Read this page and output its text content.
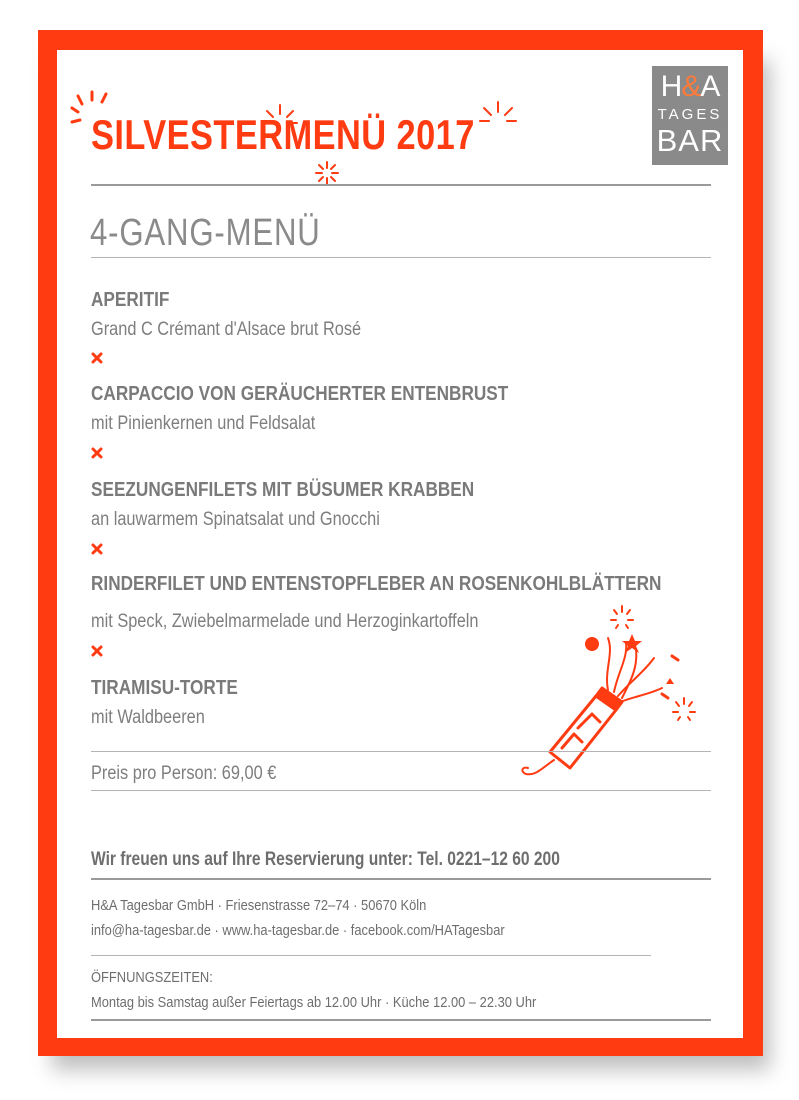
SILVESTERMENÜ 2017
H&A
TAGES
BAR
4-GANG-MENÜ
APERITIF
Grand C Crémant d'Alsace brut Rosé
CARPACCIO VON GERÄUCHERTER ENTENBRUST
mit Pinienkernen und Feldsalat
SEEZUNGENFILETS MIT BÜSUMER KRABBEN
an lauwarmem Spinatsalat und Gnocchi
RINDERFILET UND ENTENSTOPFLEBER AN ROSENKOHLBLÄTTERN
mit Speck, Zwiebelmarmelade und Herzoginkartoffeln
TIRAMISU-TORTE
mit Waldbeeren
Preis pro Person: 69,00 €
Wir freuen uns auf Ihre Reservierung unter: Tel. 0221–12 60 200
H&A Tagesbar GmbH · Friesenstrasse 72–74 · 50670 Köln
info@ha-tagesbar.de · www.ha-tagesbar.de · facebook.com/HATagesbar
ÖFFNUNGSZEITEN:
Montag bis Samstag außer Feiertags ab 12.00 Uhr · Küche 12.00 – 22.30 Uhr
